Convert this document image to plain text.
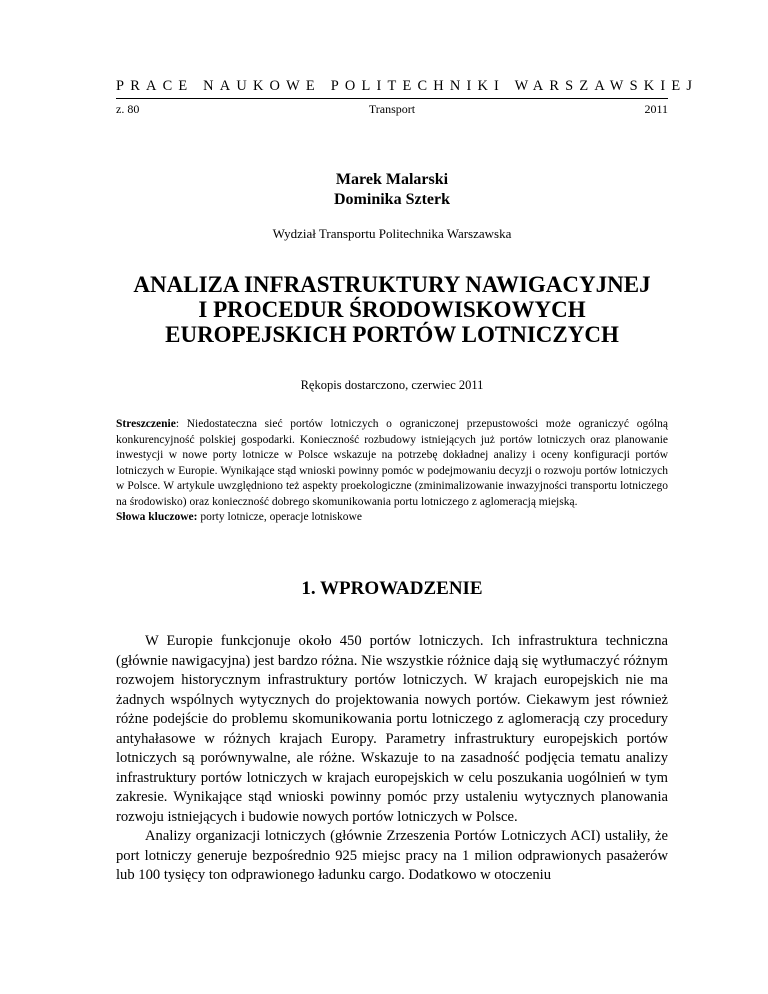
PRACE NAUKOWE POLITECHNIKI WARSZAWSKIEJ
z. 80	Transport	2011
Marek Malarski
Dominika Szterk
Wydział Transportu Politechnika Warszawska
ANALIZA INFRASTRUKTURY NAWIGACYJNEJ
I PROCEDUR ŚRODOWISKOWYCH
EUROPEJSKICH PORTÓW LOTNICZYCH
Rękopis dostarczono, czerwiec 2011

Streszczenie: Niedostateczna sieć portów lotniczych o ograniczonej przepustowości może ograniczyć ogólną konkurencyjność polskiej gospodarki. Konieczność rozbudowy istniejących już portów lotniczych oraz planowanie inwestycji w nowe porty lotnicze w Polsce wskazuje na potrzebę dokładnej analizy i oceny konfiguracji portów lotniczych w Europie. Wynikające stąd wnioski powinny pomóc w podejmowaniu decyzji o rozwoju portów lotniczych w Polsce. W artykule uwzględniono też aspekty proekologiczne (zminimalizowanie inwazyjności transportu lotniczego na środowisko) oraz konieczność dobrego skomunikowania portu lotniczego z aglomeracją miejską.

Słowa kluczowe: porty lotnicze, operacje lotniskowe

1. WPROWADZENIE

W Europie funkcjonuje około 450 portów lotniczych. Ich infrastruktura techniczna (głównie nawigacyjna) jest bardzo różna. Nie wszystkie różnice dają się wytłumaczyć różnym rozwojem historycznym infrastruktury portów lotniczych. W krajach europejskich nie ma żadnych wspólnych wytycznych do projektowania nowych portów. Ciekawym jest również różne podejście do problemu skomunikowania portu lotniczego z aglomeracją czy procedury antyhałasowe w różnych krajach Europy. Parametry infrastruktury europejskich portów lotniczych są porównywalne, ale różne. Wskazuje to na zasadność podjęcia tematu analizy infrastruktury portów lotniczych w krajach europejskich w celu poszukania uogólnień w tym zakresie. Wynikające stąd wnioski powinny pomóc przy ustaleniu wytycznych planowania rozwoju istniejących i budowie nowych portów lotniczych w Polsce.

Analizy organizacji lotniczych (głównie Zrzeszenia Portów Lotniczych ACI) ustaliły, że port lotniczy generuje bezpośrednio 925 miejsc pracy na 1 milion odprawionych pasażerów lub 100 tysięcy ton odprawionego ładunku cargo. Dodatkowo w otoczeniu
